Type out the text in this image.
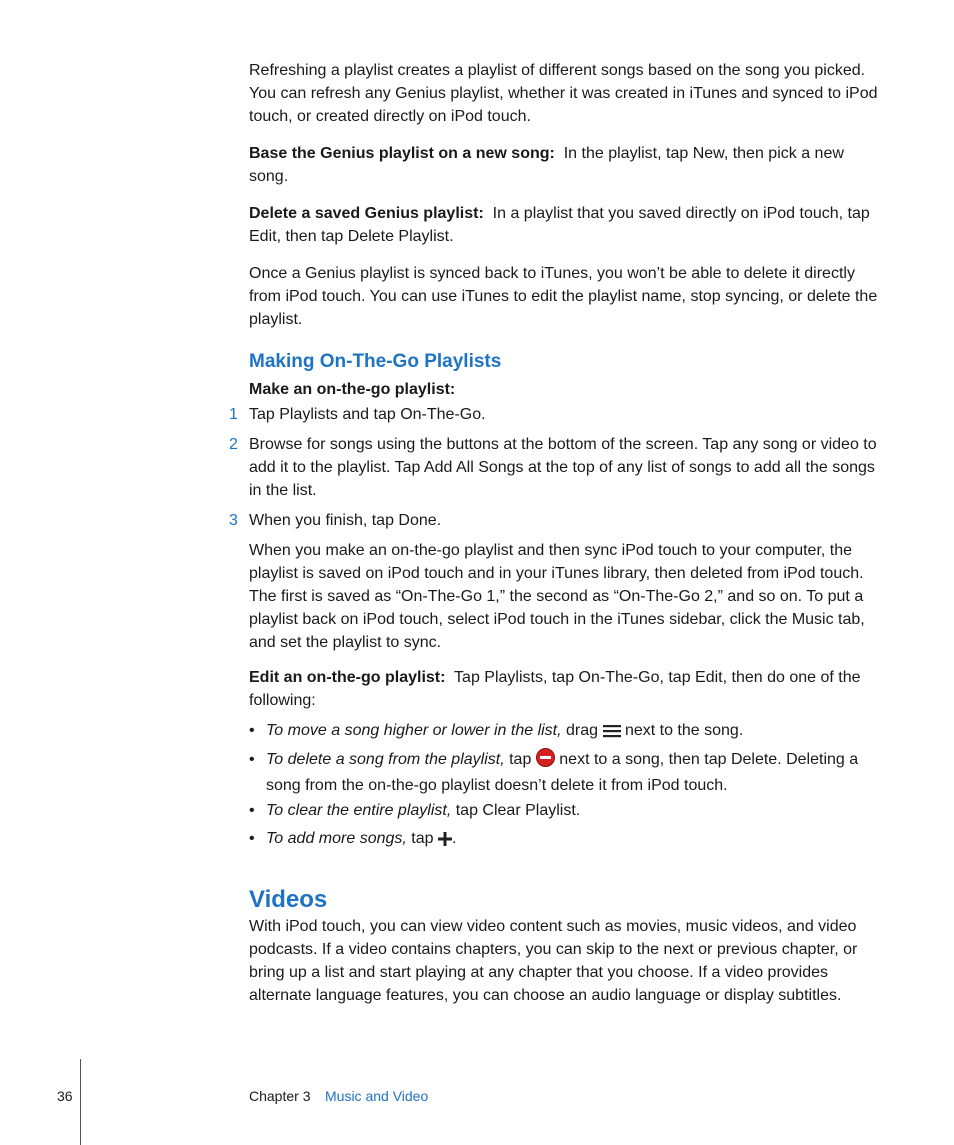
Refreshing a playlist creates a playlist of different songs based on the song you picked. You can refresh any Genius playlist, whether it was created in iTunes and synced to iPod touch, or created directly on iPod touch.

Base the Genius playlist on a new song: In the playlist, tap New, then pick a new song.

Delete a saved Genius playlist: In a playlist that you saved directly on iPod touch, tap Edit, then tap Delete Playlist.

Once a Genius playlist is synced back to iTunes, you won’t be able to delete it directly from iPod touch. You can use iTunes to edit the playlist name, stop syncing, or delete the playlist.

Making On-The-Go Playlists

Make an on-the-go playlist:

1 Tap Playlists and tap On-The-Go.

2 Browse for songs using the buttons at the bottom of the screen. Tap any song or video to add it to the playlist. Tap Add All Songs at the top of any list of songs to add all the songs in the list.

3 When you finish, tap Done.

When you make an on-the-go playlist and then sync iPod touch to your computer, the playlist is saved on iPod touch and in your iTunes library, then deleted from iPod touch. The first is saved as “On-The-Go 1,” the second as “On-The-Go 2,” and so on. To put a playlist back on iPod touch, select iPod touch in the iTunes sidebar, click the Music tab, and set the playlist to sync.

Edit an on-the-go playlist: Tap Playlists, tap On-The-Go, tap Edit, then do one of the following:

• To move a song higher or lower in the list, drag next to the song.
• To delete a song from the playlist, tap next to a song, then tap Delete. Deleting a song from the on-the-go playlist doesn’t delete it from iPod touch.
• To clear the entire playlist, tap Clear Playlist.
• To add more songs, tap .
Videos

With iPod touch, you can view video content such as movies, music videos, and video podcasts. If a video contains chapters, you can skip to the next or previous chapter, or bring up a list and start playing at any chapter that you choose. If a video provides alternate language features, you can choose an audio language or display subtitles.

36	Chapter 3 Music and Video
